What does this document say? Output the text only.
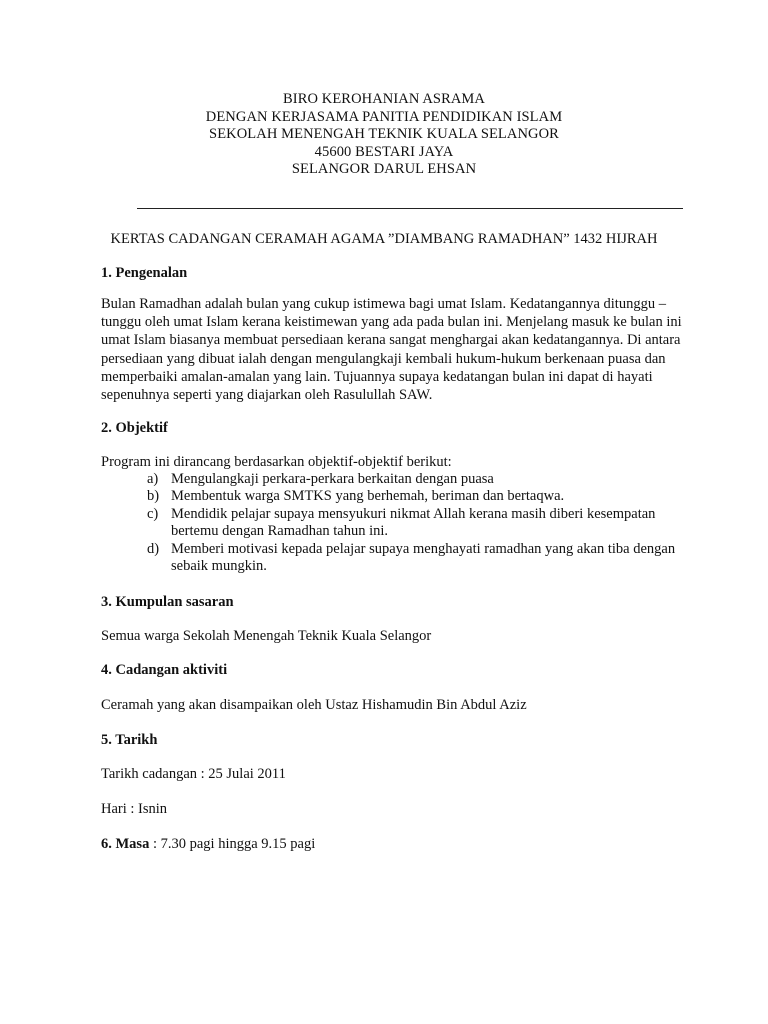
BIRO KEROHANIAN ASRAMA
DENGAN KERJASAMA PANITIA PENDIDIKAN ISLAM
SEKOLAH MENENGAH TEKNIK KUALA SELANGOR
45600 BESTARI JAYA
SELANGOR DARUL EHSAN
KERTAS CADANGAN CERAMAH AGAMA ”DIAMBANG RAMADHAN” 1432 HIJRAH
1. Pengenalan
Bulan Ramadhan adalah bulan yang cukup istimewa bagi umat Islam. Kedatangannya ditunggu –
tunggu oleh umat Islam kerana keistimewan yang ada pada bulan ini. Menjelang masuk ke bulan ini
umat Islam biasanya membuat persediaan kerana sangat menghargai akan kedatangannya. Di antara
persediaan yang dibuat ialah dengan mengulangkaji kembali hukum-hukum berkenaan puasa dan
memperbaiki amalan-amalan yang lain. Tujuannya supaya kedatangan bulan ini dapat di hayati
sepenuhnya seperti yang diajarkan oleh Rasulullah SAW.
2. Objektif
Program ini dirancang berdasarkan objektif-objektif berikut:
a) Mengulangkaji perkara-perkara berkaitan dengan puasa
b) Membentuk warga SMTKS yang berhemah, beriman dan bertaqwa.
c) Mendidik pelajar supaya mensyukuri nikmat Allah kerana masih diberi kesempatan
bertemu dengan Ramadhan tahun ini.
d) Memberi motivasi kepada pelajar supaya menghayati ramadhan yang akan tiba dengan
sebaik mungkin.
3. Kumpulan sasaran
Semua warga Sekolah Menengah Teknik Kuala Selangor
4. Cadangan aktiviti
Ceramah yang akan disampaikan oleh Ustaz Hishamudin Bin Abdul Aziz
5. Tarikh
Tarikh cadangan : 25 Julai 2011
Hari : Isnin
6. Masa : 7.30 pagi hingga 9.15 pagi
